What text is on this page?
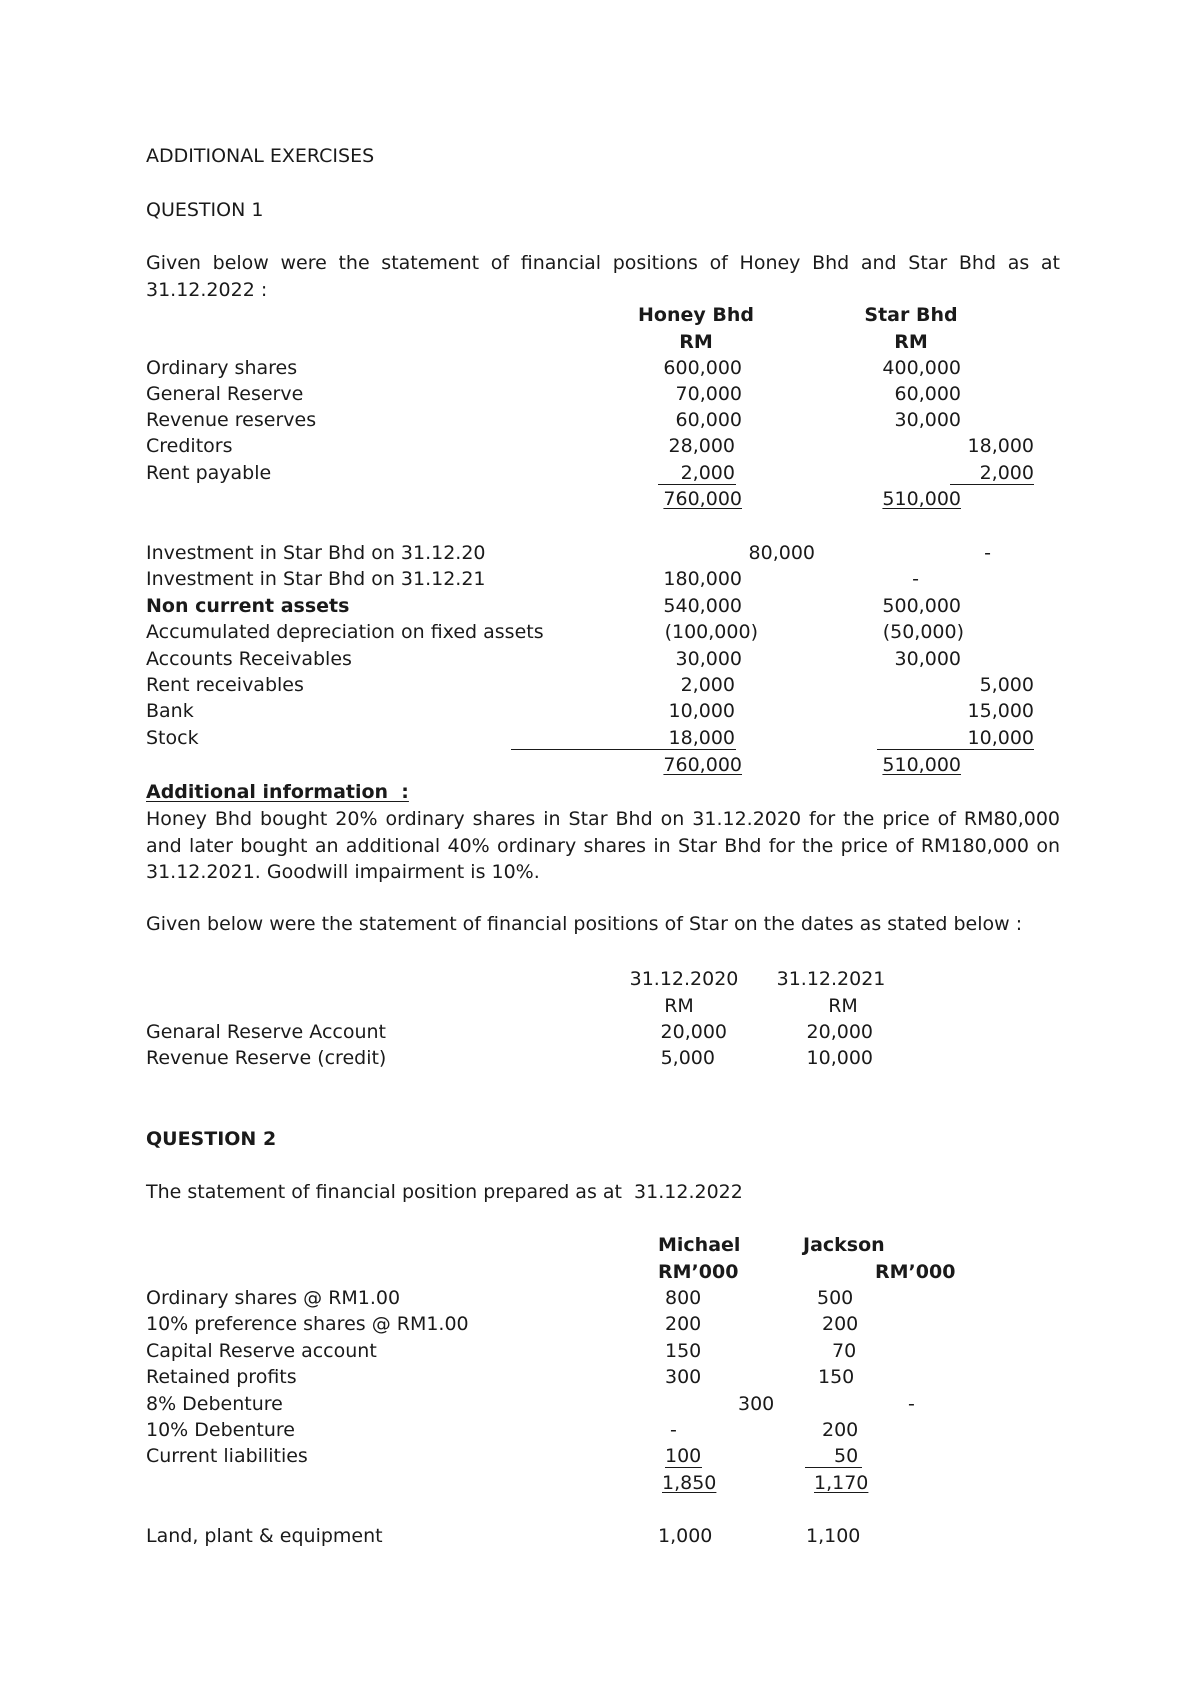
ADDITIONAL EXERCISES
QUESTION 1
Given below were the statement of financial positions of Honey Bhd and Star Bhd as at 31.12.2022 :
Honey Bhd	Star Bhd
RM	RM
Ordinary shares	600,000	400,000
General Reserve	70,000	60,000
Revenue reserves	60,000	30,000
Creditors	28,000	18,000
Rent payable	2,000	2,000
760,000	510,000
Investment in Star Bhd on 31.12.20	80,000	-
Investment in Star Bhd on 31.12.21	180,000	-
Non current assets	540,000	500,000
Accumulated depreciation on fixed assets	(100,000)	(50,000)
Accounts Receivables	30,000	30,000
Rent receivables	2,000	5,000
Bank	10,000	15,000
Stock	18,000	10,000
760,000	510,000
Additional information  :
Honey Bhd bought 20% ordinary shares in Star Bhd on 31.12.2020 for the price of RM80,000 and later bought an additional 40% ordinary shares in Star Bhd for the price of RM180,000 on 31.12.2021. Goodwill impairment is 10%.
Given below were the statement of financial positions of Star on the dates as stated below :
31.12.2020 31.12.2021
RM	RM
Genaral Reserve Account	20,000	20,000
Revenue Reserve (credit)	5,000	10,000
QUESTION 2
The statement of financial position prepared as at  31.12.2022
Michael	Jackson
RM’000	RM’000
Ordinary shares @ RM1.00	800	500
10% preference shares @ RM1.00	200	200
Capital Reserve account	150	70
Retained profits	300	150
8% Debenture	300	-
10% Debenture	-	200
Current liabilities	100	50
1,850	1,170
Land, plant & equipment	1,000	1,100
